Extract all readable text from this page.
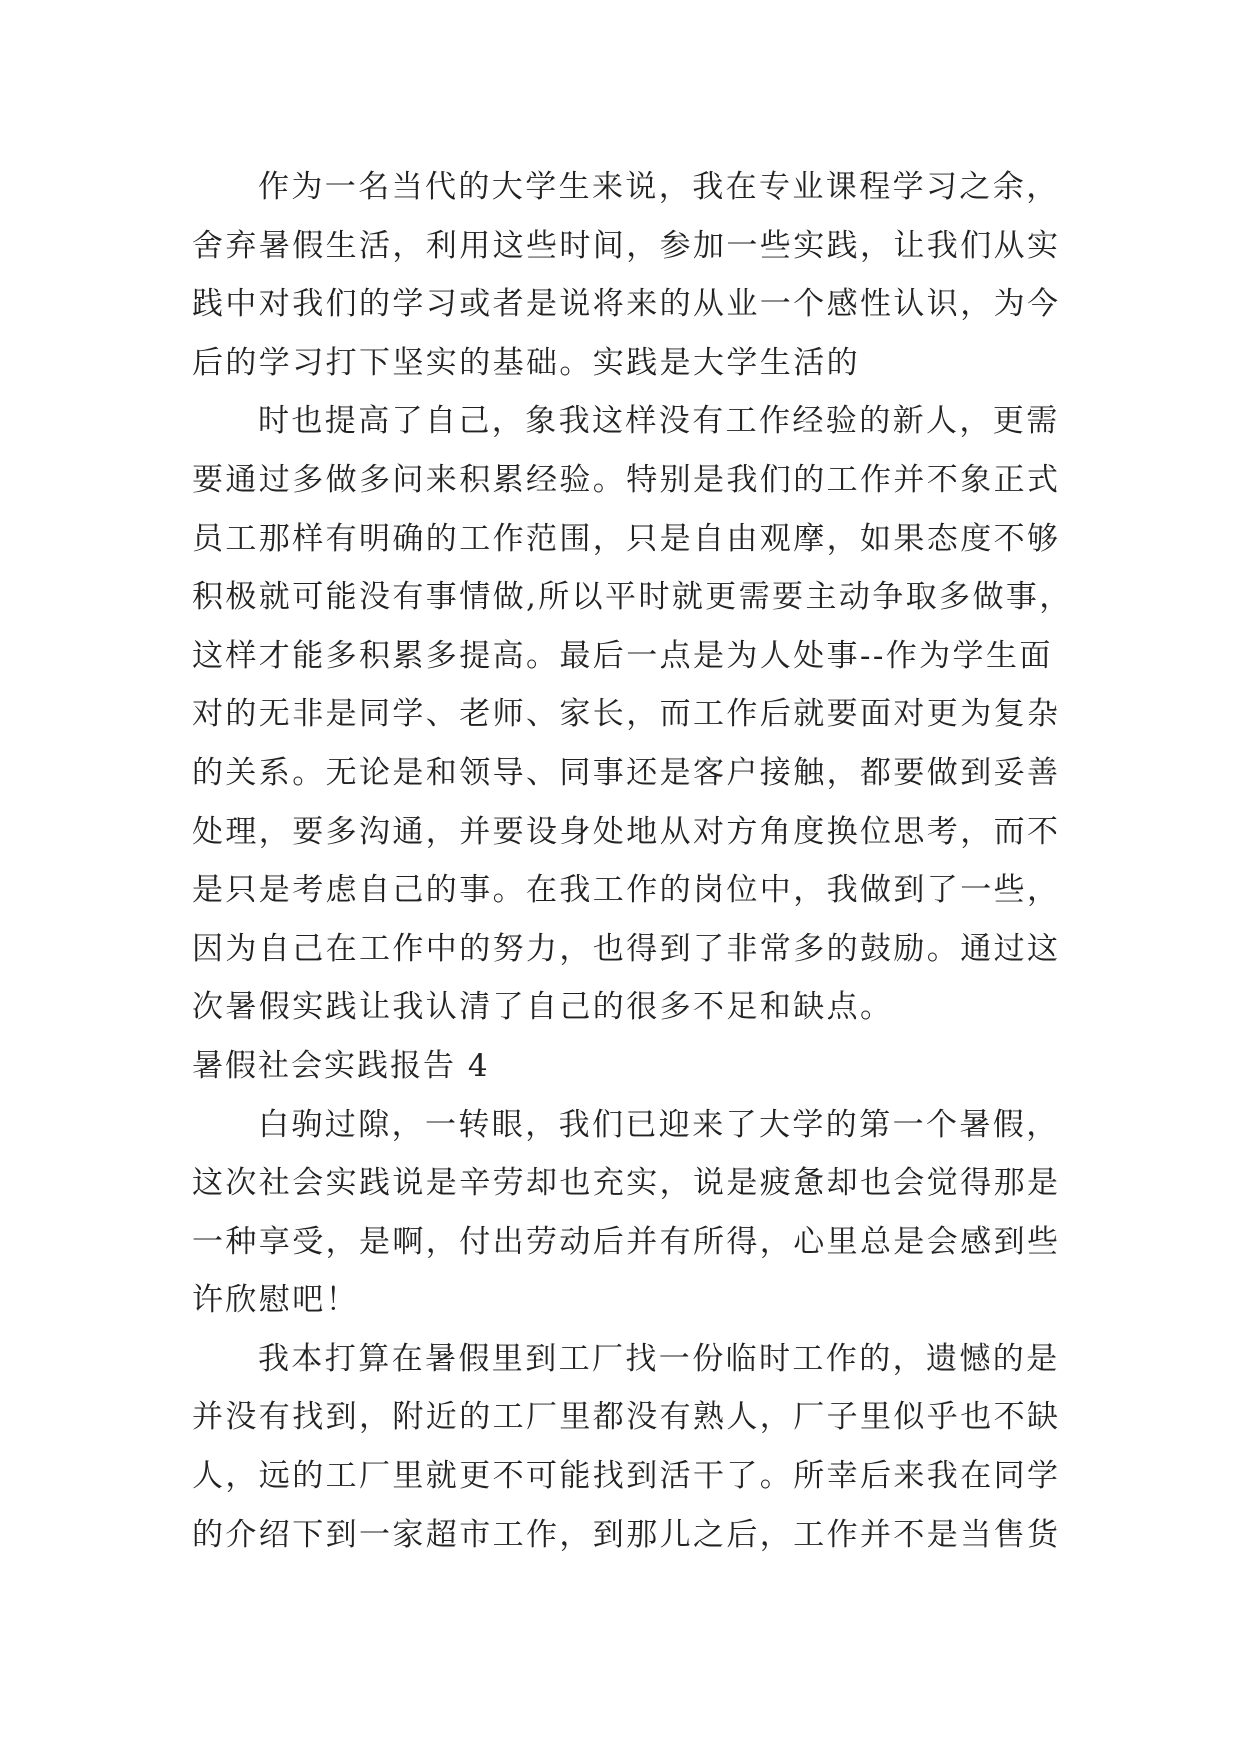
作为一名当代的大学生来说，我在专业课程学习之余，
舍弃暑假生活，利用这些时间，参加一些实践，让我们从实
践中对我们的学习或者是说将来的从业一个感性认识，为今
后的学习打下坚实的基础。实践是大学生活的
时也提高了自己，象我这样没有工作经验的新人，更需
要通过多做多问来积累经验。特别是我们的工作并不象正式
员工那样有明确的工作范围，只是自由观摩，如果态度不够
积极就可能没有事情做,所以平时就更需要主动争取多做事，
这样才能多积累多提高。最后一点是为人处事--作为学生面
对的无非是同学、老师、家长，而工作后就要面对更为复杂
的关系。无论是和领导、同事还是客户接触，都要做到妥善
处理，要多沟通，并要设身处地从对方角度换位思考，而不
是只是考虑自己的事。在我工作的岗位中，我做到了一些，
因为自己在工作中的努力，也得到了非常多的鼓励。通过这
次暑假实践让我认清了自己的很多不足和缺点。
暑假社会实践报告 4
白驹过隙，一转眼，我们已迎来了大学的第一个暑假，
这次社会实践说是辛劳却也充实，说是疲惫却也会觉得那是
一种享受，是啊，付出劳动后并有所得，心里总是会感到些
许欣慰吧！
我本打算在暑假里到工厂找一份临时工作的，遗憾的是
并没有找到，附近的工厂里都没有熟人，厂子里似乎也不缺
人，远的工厂里就更不可能找到活干了。所幸后来我在同学
的介绍下到一家超市工作，到那儿之后，工作并不是当售货
